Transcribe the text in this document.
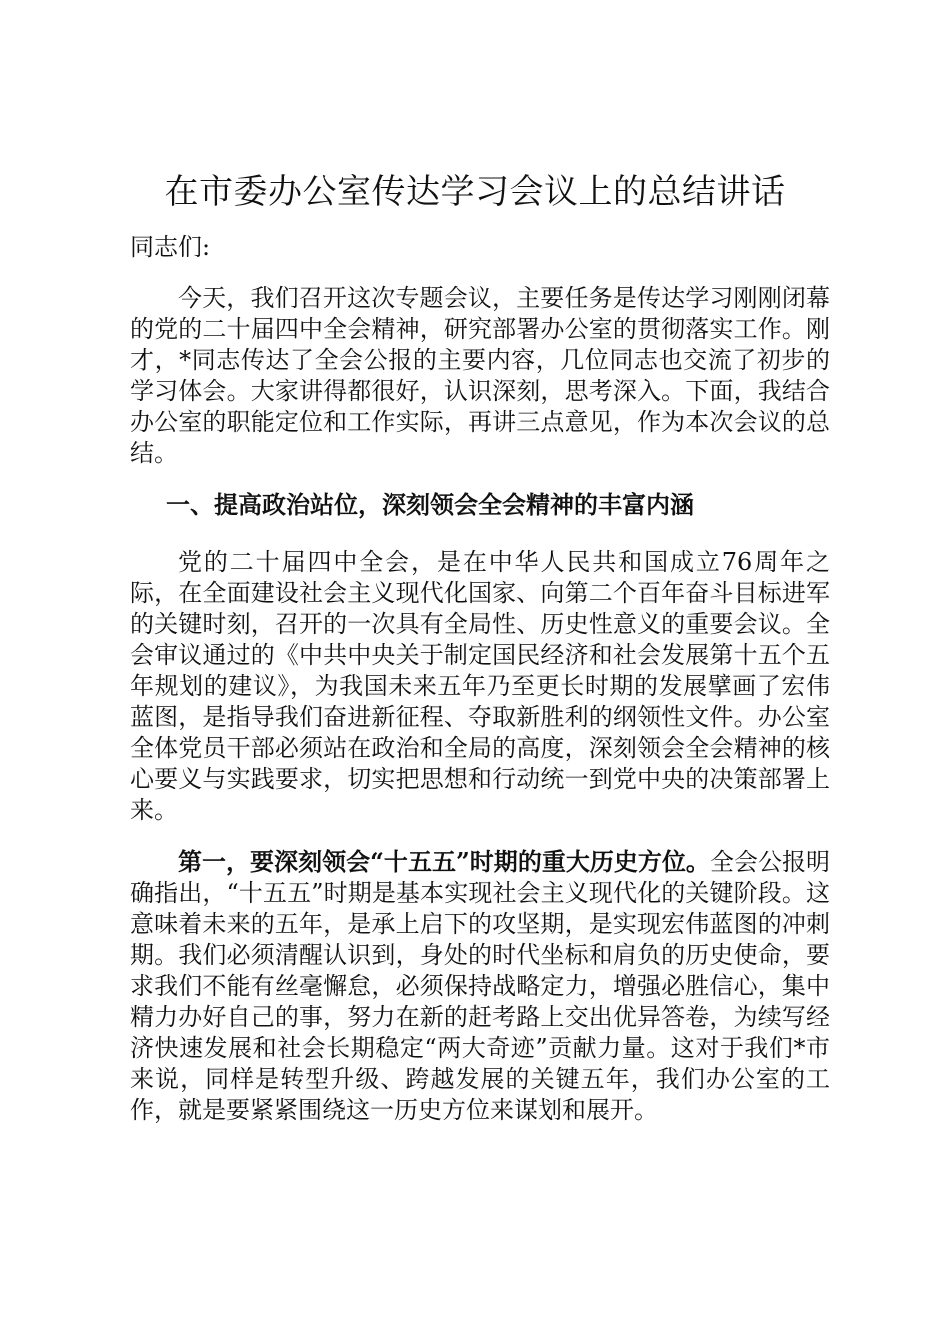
在市委办公室传达学习会议上的总结讲话

同志们:

今天，我们召开这次专题会议，主要任务是传达学习刚刚闭幕的党的二十届四中全会精神，研究部署办公室的贯彻落实工作。刚才，*同志传达了全会公报的主要内容，几位同志也交流了初步的学习体会。大家讲得都很好，认识深刻，思考深入。下面，我结合办公室的职能定位和工作实际，再讲三点意见，作为本次会议的总结。

一、提高政治站位，深刻领会全会精神的丰富内涵

党的二十届四中全会，是在中华人民共和国成立76周年之际，在全面建设社会主义现代化国家、向第二个百年奋斗目标进军的关键时刻，召开的一次具有全局性、历史性意义的重要会议。全会审议通过的《中共中央关于制定国民经济和社会发展第十五个五年规划的建议》，为我国未来五年乃至更长时期的发展擘画了宏伟蓝图，是指导我们奋进新征程、夺取新胜利的纲领性文件。办公室全体党员干部必须站在政治和全局的高度，深刻领会全会精神的核心要义与实践要求，切实把思想和行动统一到党中央的决策部署上来。

第一，要深刻领会“十五五”时期的重大历史方位。全会公报明确指出，“十五五”时期是基本实现社会主义现代化的关键阶段。这意味着未来的五年，是承上启下的攻坚期，是实现宏伟蓝图的冲刺期。我们必须清醒认识到，身处的时代坐标和肩负的历史使命，要求我们不能有丝毫懈怠，必须保持战略定力，增强必胜信心，集中精力办好自己的事，努力在新的赶考路上交出优异答卷，为续写经济快速发展和社会长期稳定“两大奇迹”贡献力量。这对于我们*市来说，同样是转型升级、跨越发展的关键五年，我们办公室的工作，就是要紧紧围绕这一历史方位来谋划和展开。
